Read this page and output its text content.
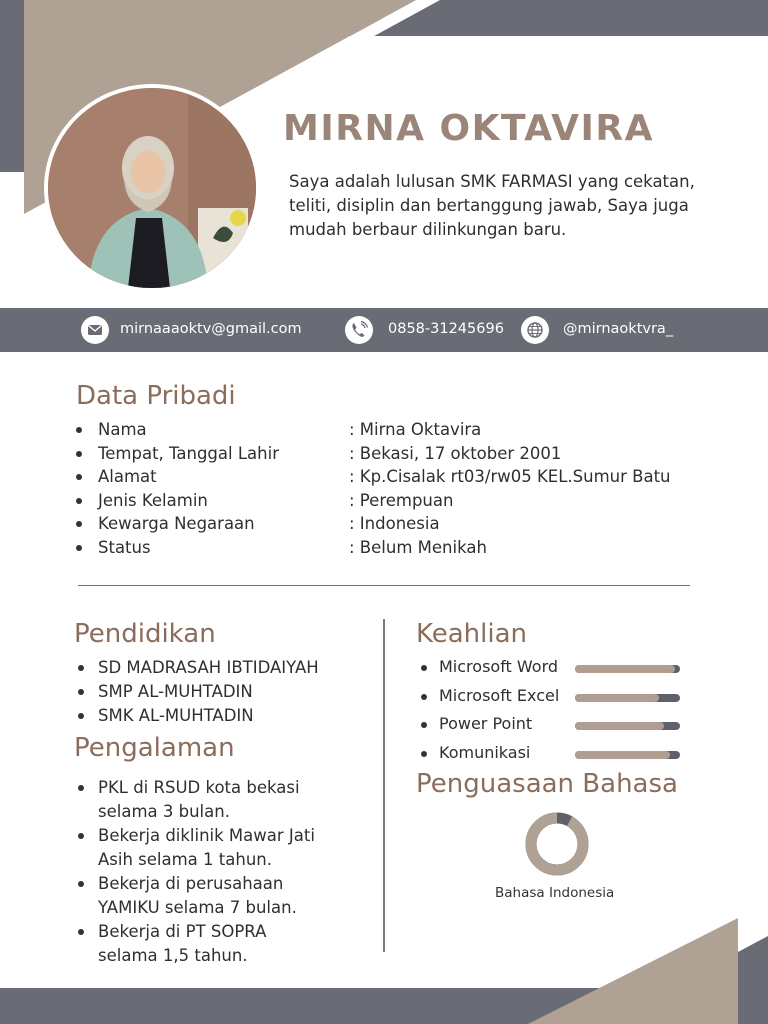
MIRNA OKTAVIRA
Saya adalah lulusan SMK FARMASI yang cekatan, teliti, disiplin dan bertanggung jawab, Saya juga mudah berbaur dilinkungan baru.
mirnaaaoktv@gmail.com	0858-31245696	@mirnaoktvra_
Data Pribadi
Nama	: Mirna Oktavira
Tempat, Tanggal Lahir	: Bekasi, 17 oktober 2001
Alamat	: Kp.Cisalak rt03/rw05 KEL.Sumur Batu
Jenis Kelamin	: Perempuan
Kewarga Negaraan	: Indonesia
Status	: Belum Menikah
Pendidikan
SD MADRASAH IBTIDAIYAH
SMP AL-MUHTADIN
SMK AL-MUHTADIN
Pengalaman
PKL di RSUD kota bekasi selama 3 bulan.
Bekerja diklinik Mawar Jati Asih selama 1 tahun.
Bekerja di perusahaan YAMIKU selama 7 bulan.
Bekerja di PT SOPRA selama 1,5 tahun.
Keahlian
Microsoft Word
Microsoft Excel
Power Point
Komunikasi
Penguasaan Bahasa
Bahasa Indonesia
